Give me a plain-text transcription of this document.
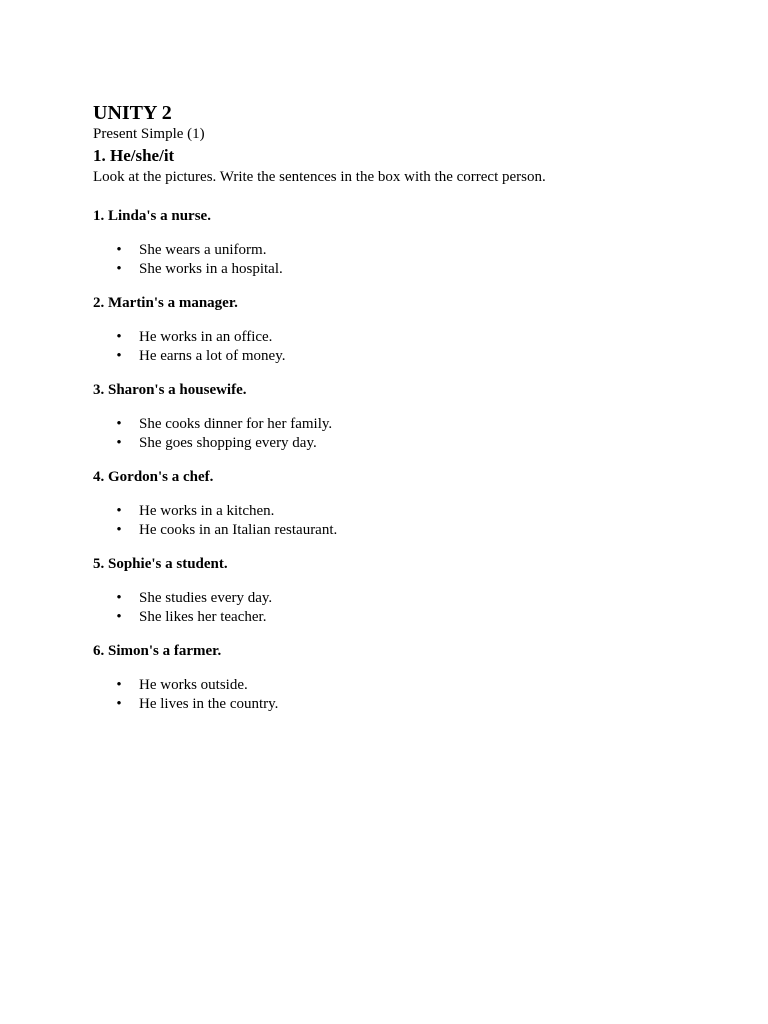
UNITY 2

Present Simple (1)

1. He/she/it

Look at the pictures. Write the sentences in the box with the correct person.

1. Linda's a nurse.

• She wears a uniform.
• She works in a hospital.

2. Martin's a manager.

• He works in an office.
• He earns a lot of money.

3. Sharon's a housewife.

• She cooks dinner for her family.
• She goes shopping every day.

4. Gordon's a chef.

• He works in a kitchen.
• He cooks in an Italian restaurant.

5. Sophie's a student.

• She studies every day.
• She likes her teacher.

6. Simon's a farmer.

• He works outside.
• He lives in the country.
